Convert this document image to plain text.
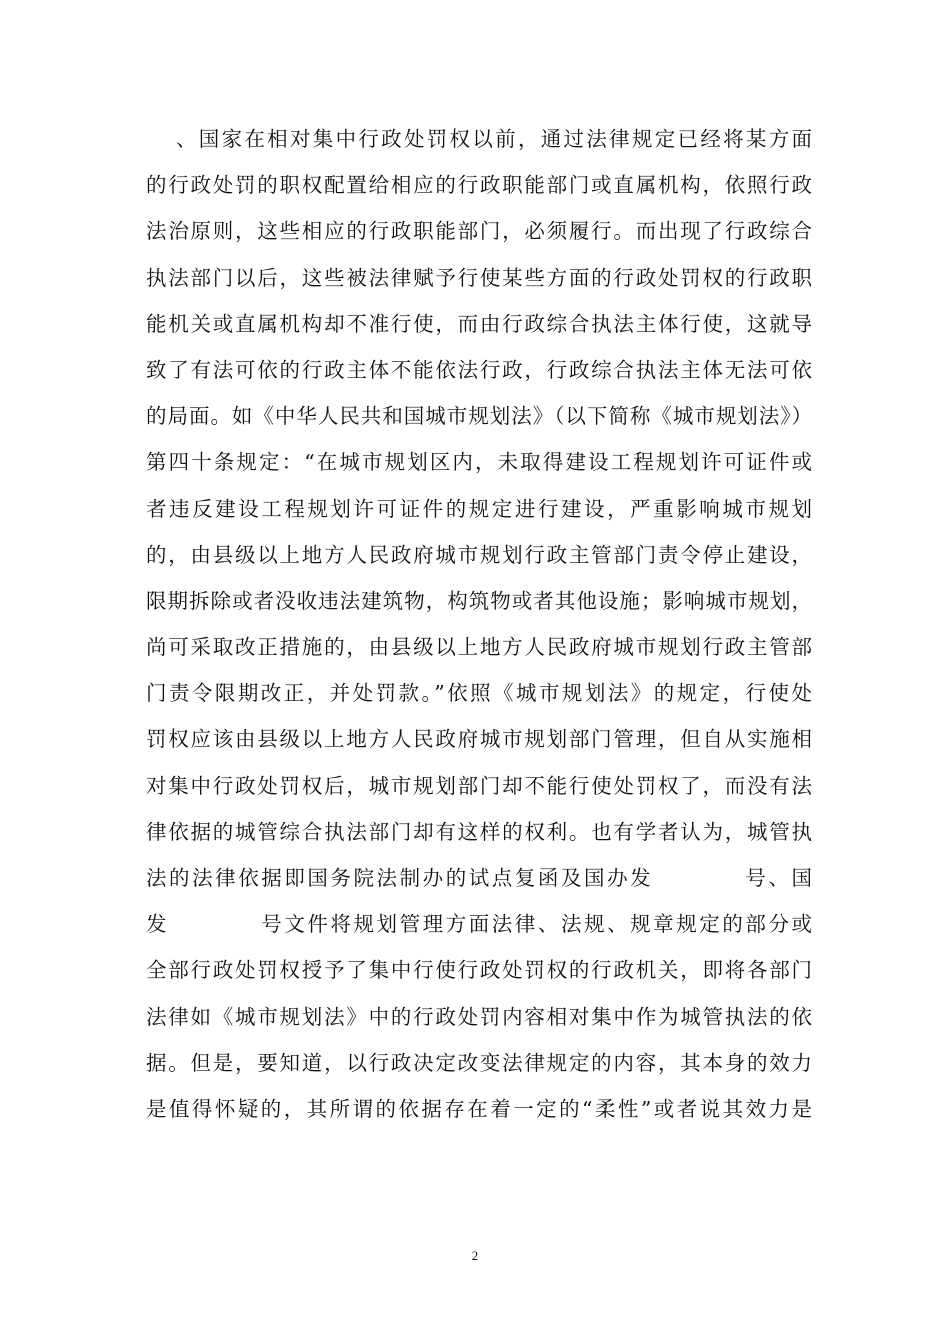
、国家在相对集中行政处罚权以前，通过法律规定已经将某方面
的行政处罚的职权配置给相应的行政职能部门或直属机构，依照行政
法治原则，这些相应的行政职能部门，必须履行。而出现了行政综合
执法部门以后，这些被法律赋予行使某些方面的行政处罚权的行政职
能机关或直属机构却不准行使，而由行政综合执法主体行使，这就导
致了有法可依的行政主体不能依法行政，行政综合执法主体无法可依
的局面。如《中华人民共和国城市规划法》（以下简称《城市规划法》）
第四十条规定：“在城市规划区内，未取得建设工程规划许可证件或
者违反建设工程规划许可证件的规定进行建设，严重影响城市规划
的，由县级以上地方人民政府城市规划行政主管部门责令停止建设，
限期拆除或者没收违法建筑物，构筑物或者其他设施；影响城市规划，
尚可采取改正措施的，由县级以上地方人民政府城市规划行政主管部
门责令限期改正，并处罚款。”依照《城市规划法》的规定，行使处
罚权应该由县级以上地方人民政府城市规划部门管理，但自从实施相
对集中行政处罚权后，城市规划部门却不能行使处罚权了，而没有法
律依据的城管综合执法部门却有这样的权利。也有学者认为，城管执
法的法律依据即国务院法制办的试点复函及国办发　　　　号、国
发　　　　号文件将规划管理方面法律、法规、规章规定的部分或
全部行政处罚权授予了集中行使行政处罚权的行政机关，即将各部门
法律如《城市规划法》中的行政处罚内容相对集中作为城管执法的依
据。但是，要知道，以行政决定改变法律规定的内容，其本身的效力
是值得怀疑的，其所谓的依据存在着一定的“柔性”或者说其效力是
2
